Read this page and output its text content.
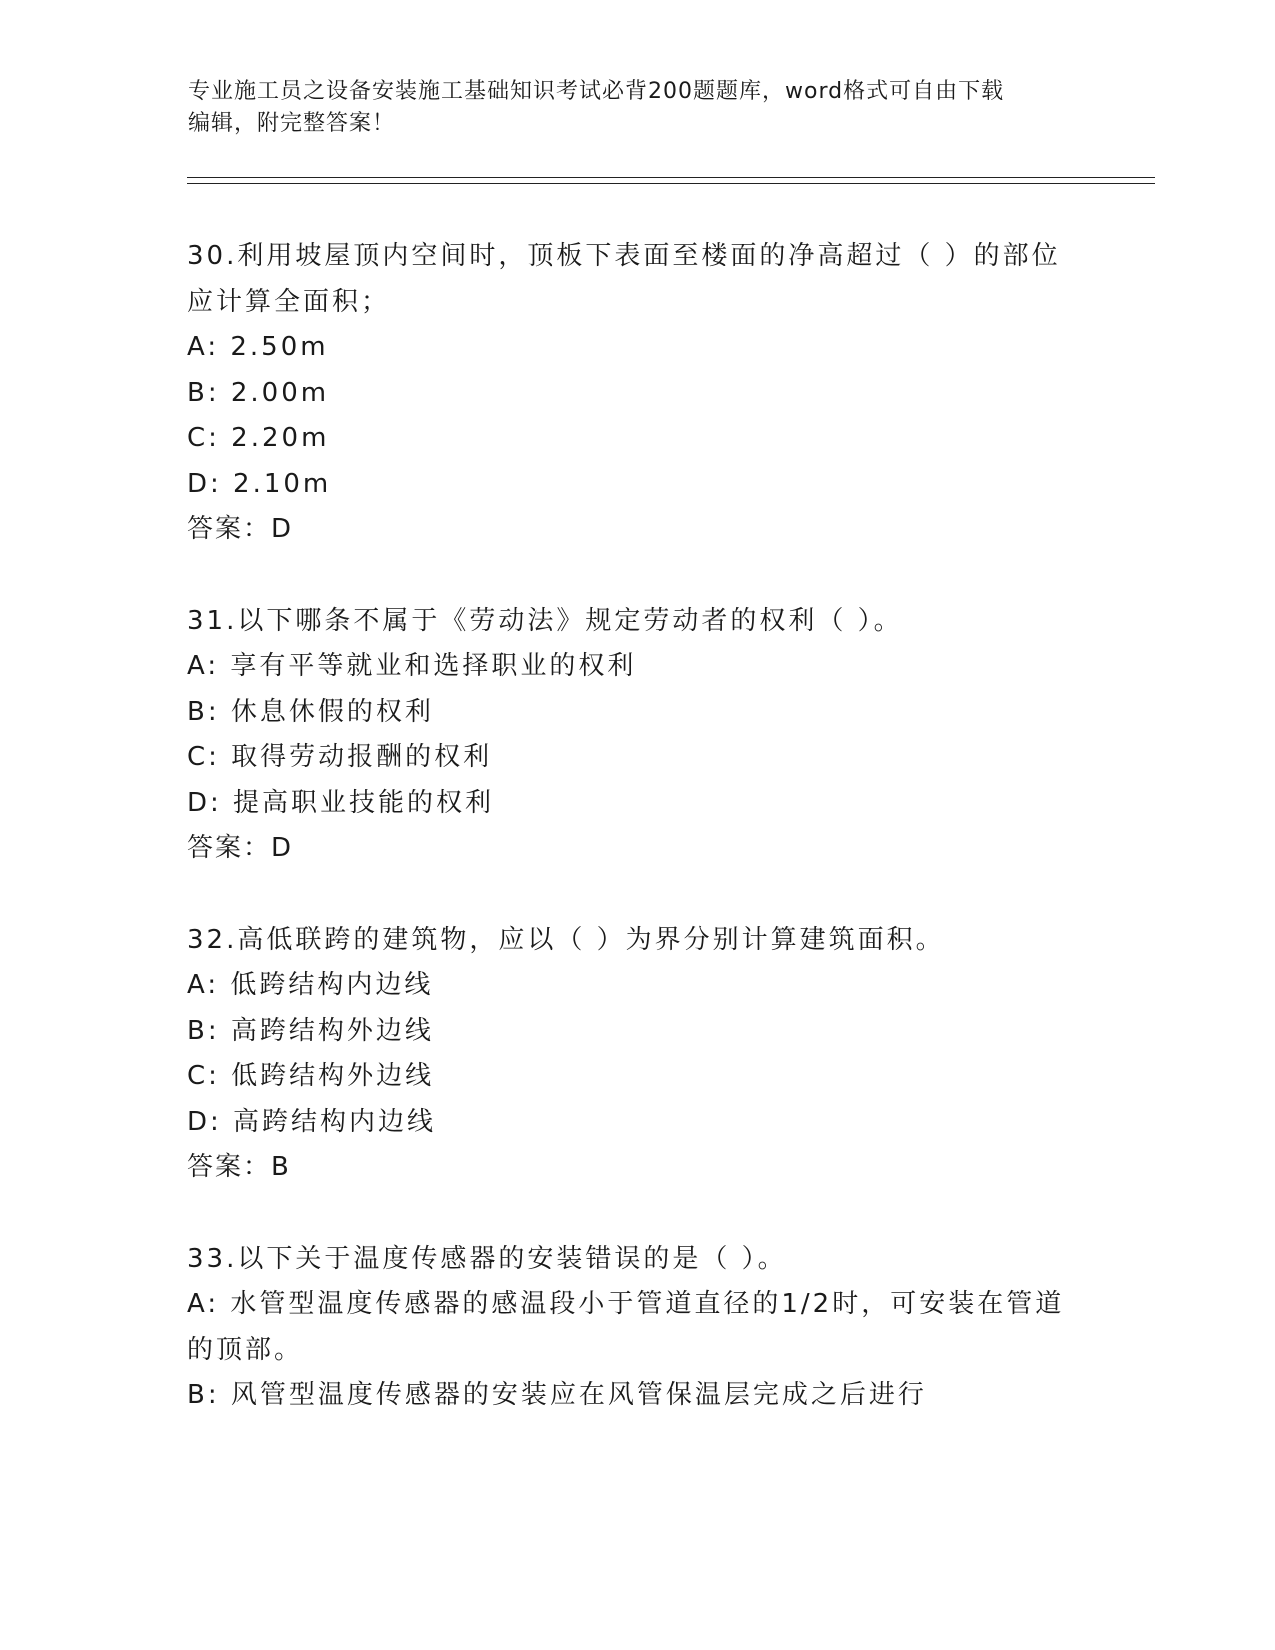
专业施工员之设备安装施工基础知识考试必背200题题库，word格式可自由下载
编辑，附完整答案！
30.利用坡屋顶内空间时，顶板下表面至楼面的净高超过（ ）的部位
应计算全面积；
A: 2.50m
B: 2.00m
C: 2.20m
D: 2.10m
答案：D
31.以下哪条不属于《劳动法》规定劳动者的权利（ ）。
A: 享有平等就业和选择职业的权利
B: 休息休假的权利
C: 取得劳动报酬的权利
D: 提高职业技能的权利
答案：D
32.高低联跨的建筑物，应以（ ）为界分别计算建筑面积。
A: 低跨结构内边线
B: 高跨结构外边线
C: 低跨结构外边线
D: 高跨结构内边线
答案：B
33.以下关于温度传感器的安装错误的是（ ）。
A: 水管型温度传感器的感温段小于管道直径的1/2时，可安装在管道
的顶部。
B: 风管型温度传感器的安装应在风管保温层完成之后进行
